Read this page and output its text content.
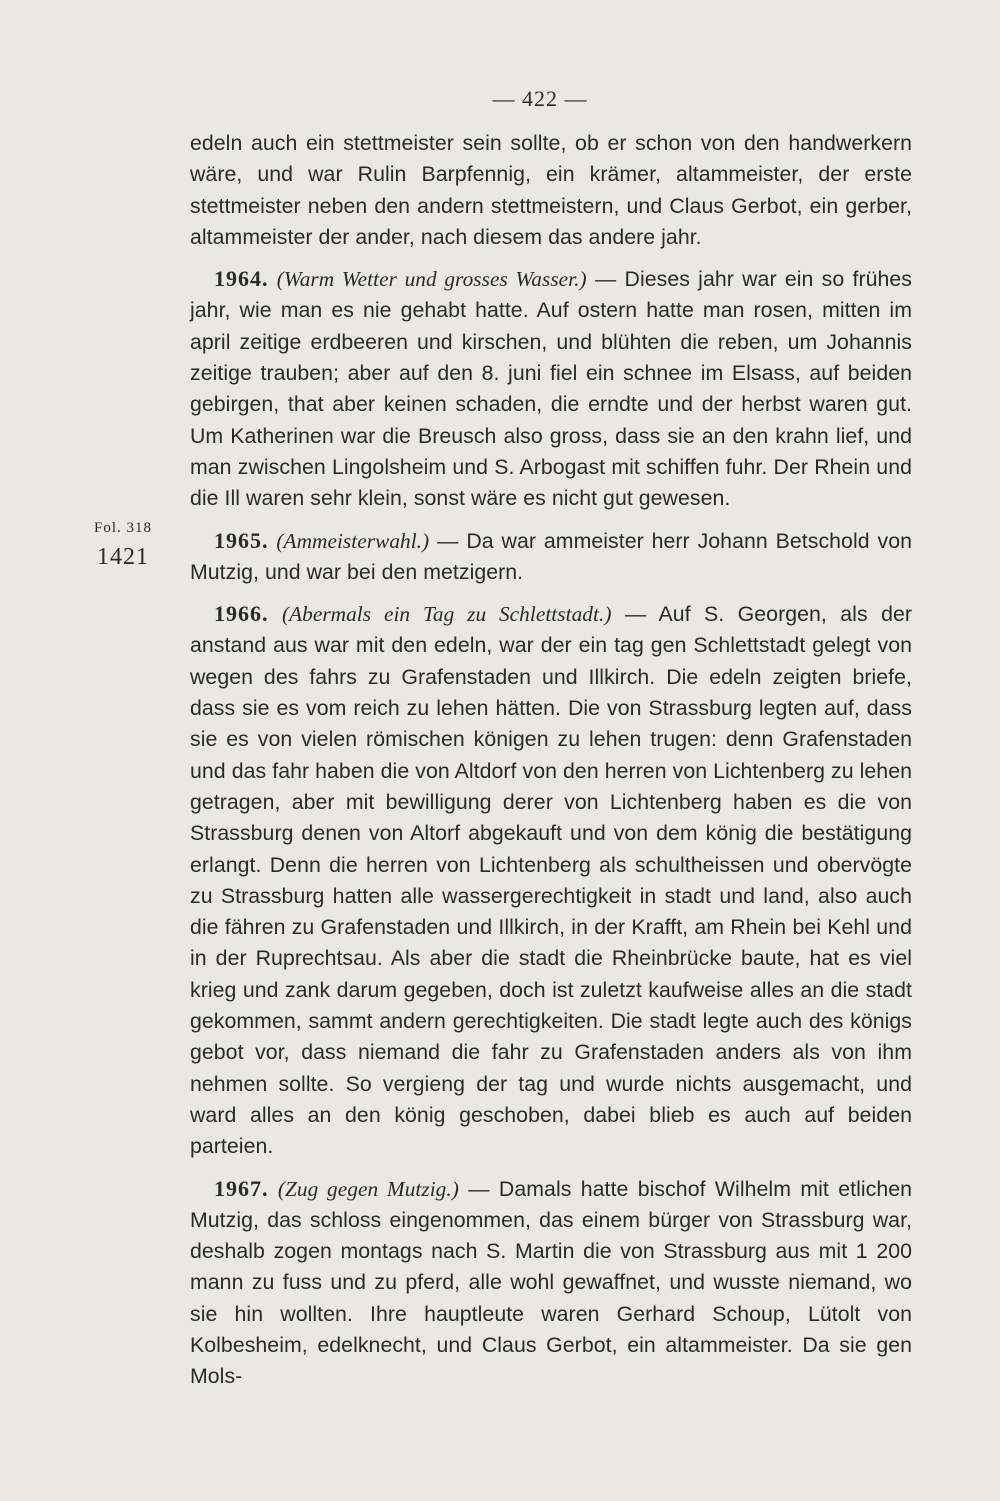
— 422 —
Fol. 318
1421

edeln auch ein stettmeister sein sollte, ob er schon von den handwerkern wäre, und war Rulin Barpfennig, ein krämer, altammeister, der erste stettmeister neben den andern stettmeistern, und Claus Gerbot, ein gerber, altammeister der ander, nach diesem das andere jahr.

1964. (Warm Wetter und grosses Wasser.) — Dieses jahr war ein so frühes jahr, wie man es nie gehabt hatte. Auf ostern hatte man rosen, mitten im april zeitige erdbeeren und kirschen, und blühten die reben, um Johannis zeitige trauben; aber auf den 8. juni fiel ein schnee im Elsass, auf beiden gebirgen, that aber keinen schaden, die erndte und der herbst waren gut. Um Katherinen war die Breusch also gross, dass sie an den krahn lief, und man zwischen Lingolsheim und S. Arbogast mit schiffen fuhr. Der Rhein und die Ill waren sehr klein, sonst wäre es nicht gut gewesen.

1965. (Ammeisterwahl.) — Da war ammeister herr Johann Betschold von Mutzig, und war bei den metzigern.

1966. (Abermals ein Tag zu Schlettstadt.) — Auf S. Georgen, als der anstand aus war mit den edeln, war der ein tag gen Schlettstadt gelegt von wegen des fahrs zu Grafenstaden und Illkirch. Die edeln zeigten briefe, dass sie es vom reich zu lehen hätten. Die von Strassburg legten auf, dass sie es von vielen römischen königen zu lehen trugen: denn Grafenstaden und das fahr haben die von Altdorf von den herren von Lichtenberg zu lehen getragen, aber mit bewilligung derer von Lichtenberg haben es die von Strassburg denen von Altorf abgekauft und von dem könig die bestätigung erlangt. Denn die herren von Lichtenberg als schultheissen und obervögte zu Strassburg hatten alle wassergerechtigkeit in stadt und land, also auch die fähren zu Grafenstaden und Illkirch, in der Krafft, am Rhein bei Kehl und in der Ruprechtsau. Als aber die stadt die Rheinbrücke baute, hat es viel krieg und zank darum gegeben, doch ist zuletzt kaufweise alles an die stadt gekommen, sammt andern gerechtigkeiten. Die stadt legte auch des königs gebot vor, dass niemand die fahr zu Grafenstaden anders als von ihm nehmen sollte. So vergieng der tag und wurde nichts ausgemacht, und ward alles an den könig geschoben, dabei blieb es auch auf beiden parteien.

1967. (Zug gegen Mutzig.) — Damals hatte bischof Wilhelm mit etlichen Mutzig, das schloss eingenommen, das einem bürger von Strassburg war, deshalb zogen montags nach S. Martin die von Strassburg aus mit 1 200 mann zu fuss und zu pferd, alle wohl gewaffnet, und wusste niemand, wo sie hin wollten. Ihre hauptleute waren Gerhard Schoup, Lütolt von Kolbesheim, edelknecht, und Claus Gerbot, ein altammeister. Da sie gen Mols-
